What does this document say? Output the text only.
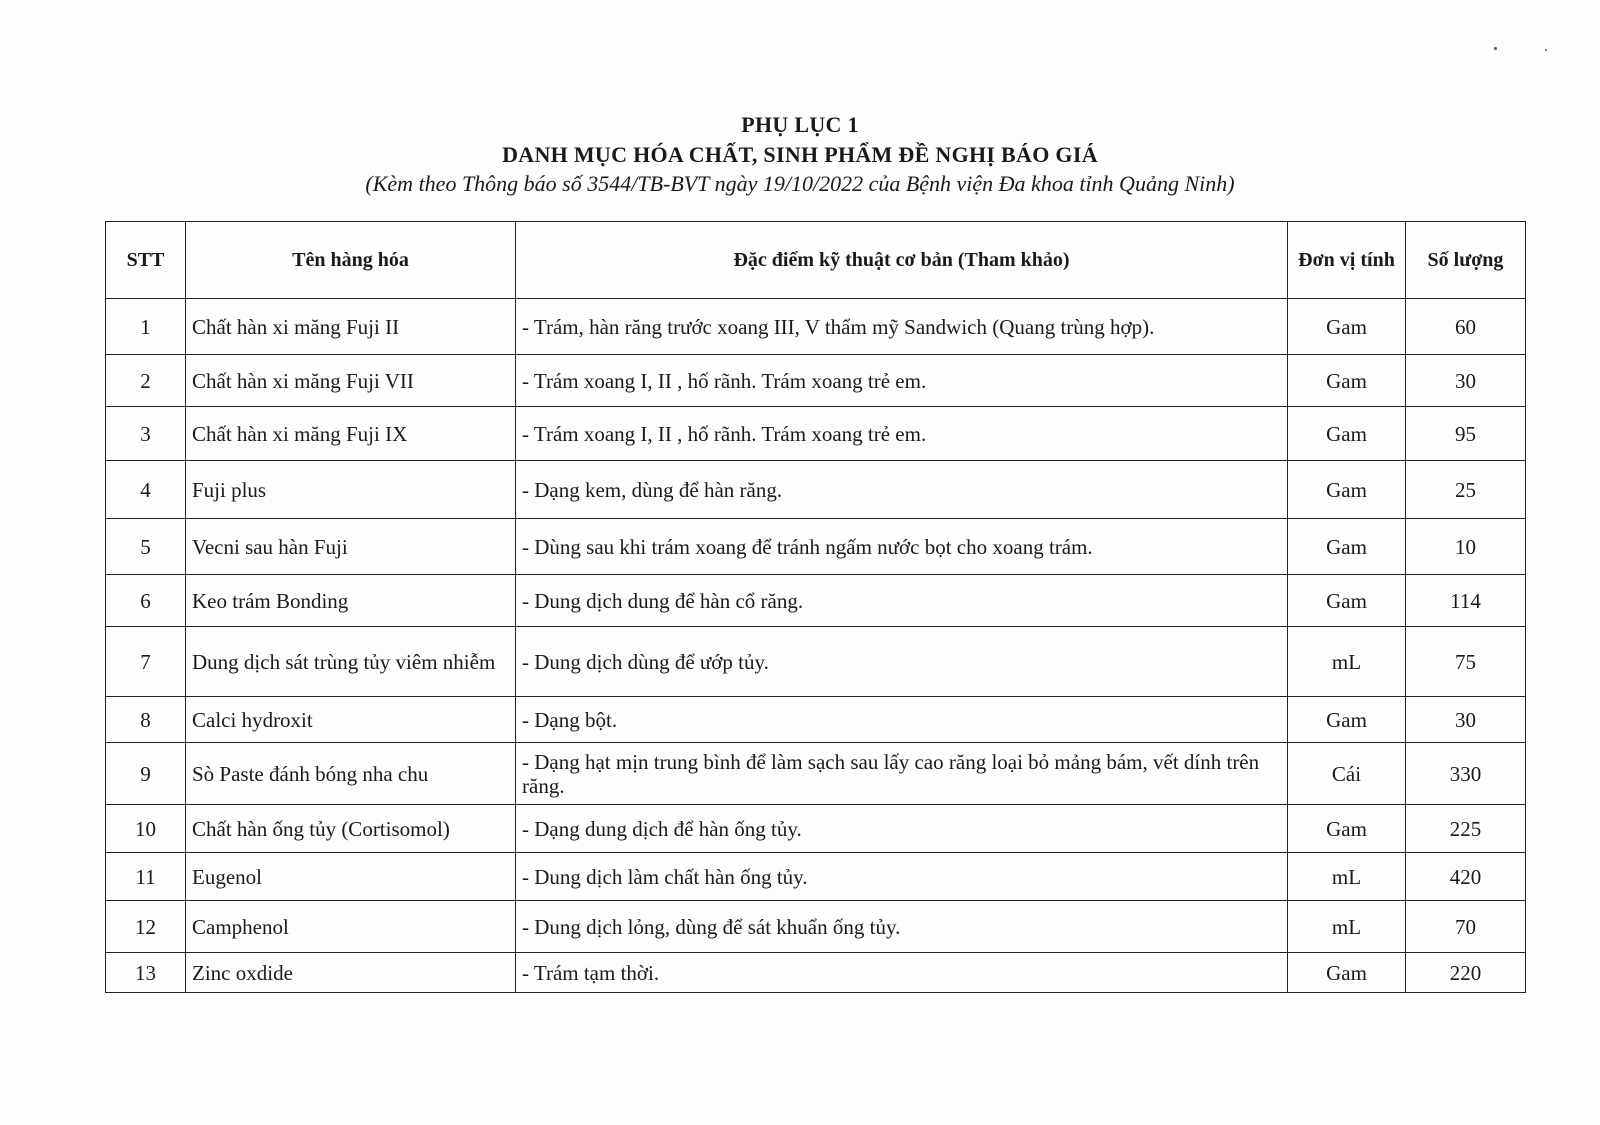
PHỤ LỤC 1
DANH MỤC HÓA CHẤT, SINH PHẨM ĐỀ NGHỊ BÁO GIÁ
(Kèm theo Thông báo số 3544/TB-BVT ngày 19/10/2022 của Bệnh viện Đa khoa tỉnh Quảng Ninh)
STT	Tên hàng hóa	Đặc điểm kỹ thuật cơ bản (Tham khảo)	Đơn vị tính	Số lượng
1	Chất hàn xi măng Fuji II	- Trám, hàn răng trước xoang III, V thẩm mỹ Sandwich (Quang trùng hợp).	Gam	60
2	Chất hàn xi măng Fuji VII	- Trám xoang I, II , hố rãnh. Trám xoang trẻ em.	Gam	30
3	Chất hàn xi măng Fuji IX	- Trám xoang I, II , hố rãnh. Trám xoang trẻ em.	Gam	95
4	Fuji plus	- Dạng kem, dùng để hàn răng.	Gam	25
5	Vecni sau hàn Fuji	- Dùng sau khi trám xoang để tránh ngấm nước bọt cho xoang trám.	Gam	10
6	Keo trám Bonding	- Dung dịch dung để hàn cổ răng.	Gam	114
7	Dung dịch sát trùng tủy viêm nhiễm	- Dung dịch dùng để ướp tủy.	mL	75
8	Calci hydroxit	- Dạng bột.	Gam	30
9	Sò Paste đánh bóng nha chu	- Dạng hạt mịn trung bình để làm sạch sau lấy cao răng loại bỏ mảng bám, vết dính trên răng.	Cái	330
10	Chất hàn ống tủy (Cortisomol)	- Dạng dung dịch để hàn ống tủy.	Gam	225
11	Eugenol	- Dung dịch làm chất hàn ống tủy.	mL	420
12	Camphenol	- Dung dịch lỏng, dùng để sát khuẩn ống tủy.	mL	70
13	Zinc oxdide	- Trám tạm thời.	Gam	220
